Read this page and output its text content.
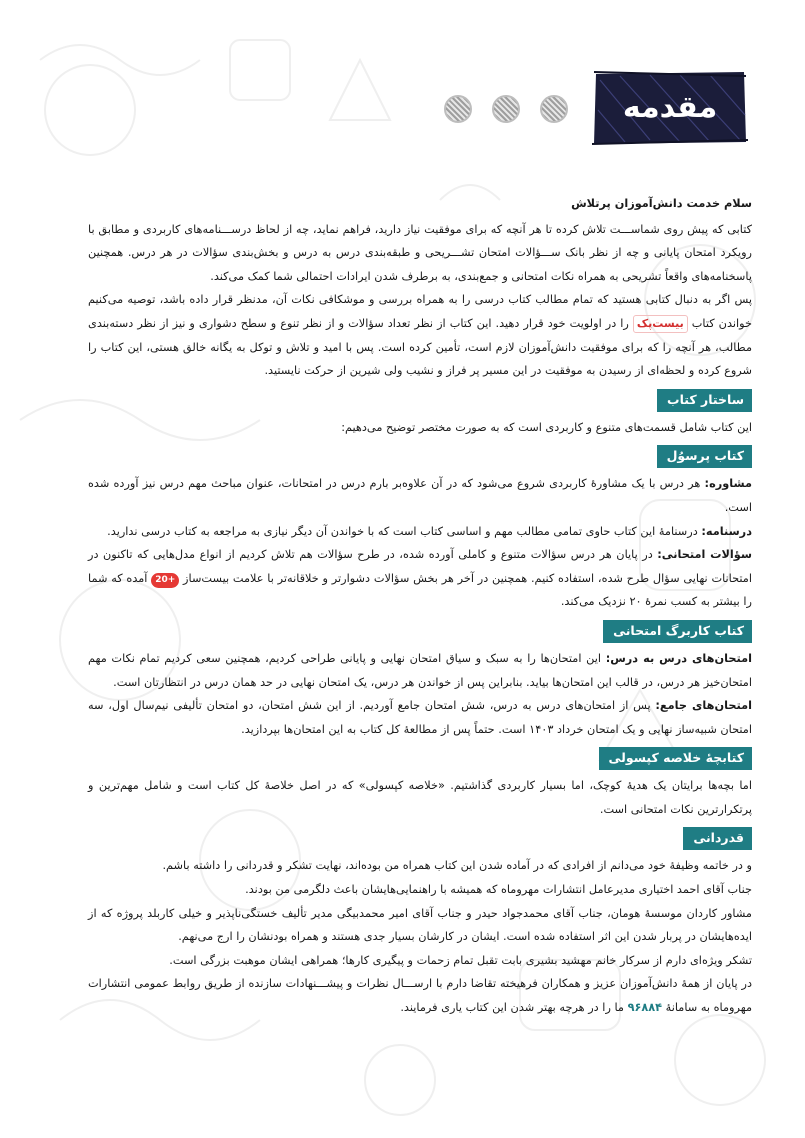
مقدمه

سلام خدمت دانش‌آموزان پرتلاش

کتابی که پیش روی شماســـت تلاش کرده تا هر آنچه که برای موفقیت نیاز دارید، فراهم نماید، چه از لحاظ درســـنامه‌های کاربردی و مطابق با رویکرد امتحان پایانی و چه از نظر بانک ســـؤالات امتحان تشـــریحی و طبقه‌بندی درس به درس و بخش‌بندی سؤالات در هر درس. همچنین پاسخنامه‌های واقعاً تشریحی به همراه نکات امتحانی و جمع‌بندی، به برطرف شدن ایرادات احتمالی شما کمک می‌کند.

پس اگر به دنبال کتابی هستید که تمام مطالب کتاب درسی را به همراه بررسی و موشکافی نکات آن، مدنظر قرار داده باشد، توصیه می‌کنیم خواندن کتاب بیست‌پک را در اولویت خود قرار دهید. این کتاب از نظر تعداد سؤالات و از نظر تنوع و سطح دشواری و نیز از نظر دسته‌بندی مطالب، هر آنچه را که برای موفقیت دانش‌آموزان لازم است، تأمین کرده است. پس با امید و تلاش و توکل به یگانه خالق هستی، این کتاب را شروع کرده و لحظه‌ای از رسیدن به موفقیت در این مسیر پر فراز و نشیب ولی شیرین از حرکت نایستید.

ساختار کتاب

این کتاب شامل قسمت‌های متنوع و کاربردی است که به صورت مختصر توضیح می‌دهیم:

کتاب پرسوُل

مشاوره: هر درس با یک مشاورهٔ کاربردی شروع می‌شود که در آن علاوه‌بر بارم درس در امتحانات، عنوان مباحث مهم درس نیز آورده شده است.

درسنامه: درسنامهٔ این کتاب حاوی تمامی مطالب مهم و اساسی کتاب است که با خواندن آن دیگر نیازی به مراجعه به کتاب درسی ندارید.

سؤالات امتحانی: در پایان هر درس سؤالات متنوع و کاملی آورده شده، در طرح سؤالات هم تلاش کردیم از انواع مدل‌هایی که تاکنون در امتحانات نهایی سؤال طرح شده، استفاده کنیم. همچنین در آخر هر بخش سؤالات دشوارتر و خلاقانه‌تر با علامت بیست‌ساز +20 آمده که شما را بیشتر به کسب نمرهٔ ۲۰ نزدیک می‌کند.

کتاب کاربرگ امتحانی

امتحان‌های درس به درس: این امتحان‌ها را به سبک و سیاق امتحان نهایی و پایانی طراحی کردیم، همچنین سعی کردیم تمام نکات مهم امتحان‌خیز هر درس، در قالب این امتحان‌ها بیاید. بنابراین پس از خواندن هر درس، یک امتحان نهایی در حد همان درس در انتظارتان است.

امتحان‌های جامع: پس از امتحان‌های درس به درس، شش امتحان جامع آوردیم. از این شش امتحان، دو امتحان تألیفی نیم‌سال اول، سه امتحان شبیه‌ساز نهایی و یک امتحان خرداد ۱۴۰۳ است. حتماً پس از مطالعهٔ کل کتاب به این امتحان‌ها بپردازید.

کتابچهٔ خلاصه کپسولی

اما بچه‌ها برایتان یک هدیهٔ کوچک، اما بسیار کاربردی گذاشتیم. «خلاصه کپسولی» که در اصل خلاصهٔ کل کتاب است و شامل مهم‌ترین و پرتکرارترین نکات امتحانی است.

قدردانی

و در خاتمه وظیفهٔ خود می‌دانم از افرادی که در آماده شدن این کتاب همراه من بوده‌اند، نهایت تشکر و قدردانی را داشته باشم.

جناب آقای احمد اختیاری مدیرعامل انتشارات مهروماه که همیشه با راهنمایی‌هایشان باعث دلگرمی من بودند.

مشاور کاردان موسسهٔ هومان، جناب آقای محمدجواد حیدر و جناب آقای امیر محمدبیگی مدیر تألیف خستگی‌ناپذیر و خیلی کاربلد پروژه که از ایده‌هایشان در پربار شدن این اثر استفاده شده است. ایشان در کارشان بسیار جدی هستند و همراه بودنشان را ارج می‌نهم.

تشکر ویژه‌ای دارم از سرکار خانم مهشید بشیری بابت تقبل تمام زحمات و پیگیری کارها؛ همراهی ایشان موهبت بزرگی است.

در پایان از همهٔ دانش‌آموزان عزیز و همکاران فرهیخته تقاضا دارم با ارســـال نظرات و پیشـــنهادات سازنده از طریق روابط عمومی انتشارات مهروماه به سامانهٔ ۹۶۸۸۴ ما را در هرچه بهتر شدن این کتاب یاری فرمایند.
